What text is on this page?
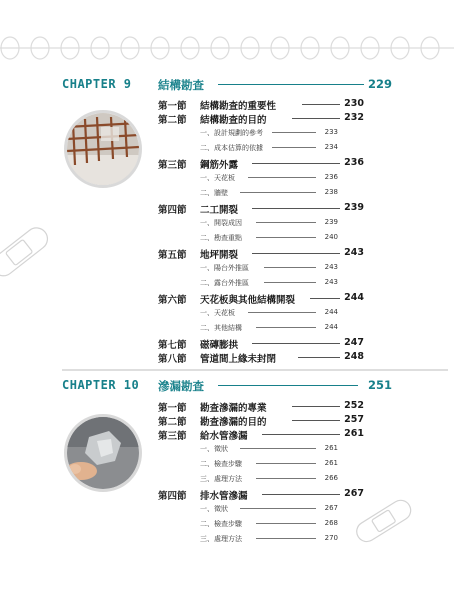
CHAPTER 9 結構勘查	229
第一節 結構勘查的重要性	230
第二節 結構勘查的目的	232
一、設計規劃的參考	233
二、成本估算的依據	234
第三節 鋼筋外露	236
一、天花板	236
二、牆壁	238
第四節 二工開裂	239
一、開裂成因	239
二、勘查重點	240
第五節 地坪開裂	243
一、陽台外推區	243
二、露台外推區	243
第六節 天花板與其他結構開裂	244
一、天花板	244
二、其他結構	244
第七節 磁磚膨拱	247
第八節 管道間上緣未封閉	248
CHAPTER 10 滲漏勘查	251
第一節 勘查滲漏的專業	252
第二節 勘查滲漏的目的	257
第三節 給水管滲漏	261
一、徵狀	261
二、檢查步驟	261
三、處理方法	266
第四節 排水管滲漏	267
一、徵狀	267
二、檢查步驟	268
三、處理方法	270
